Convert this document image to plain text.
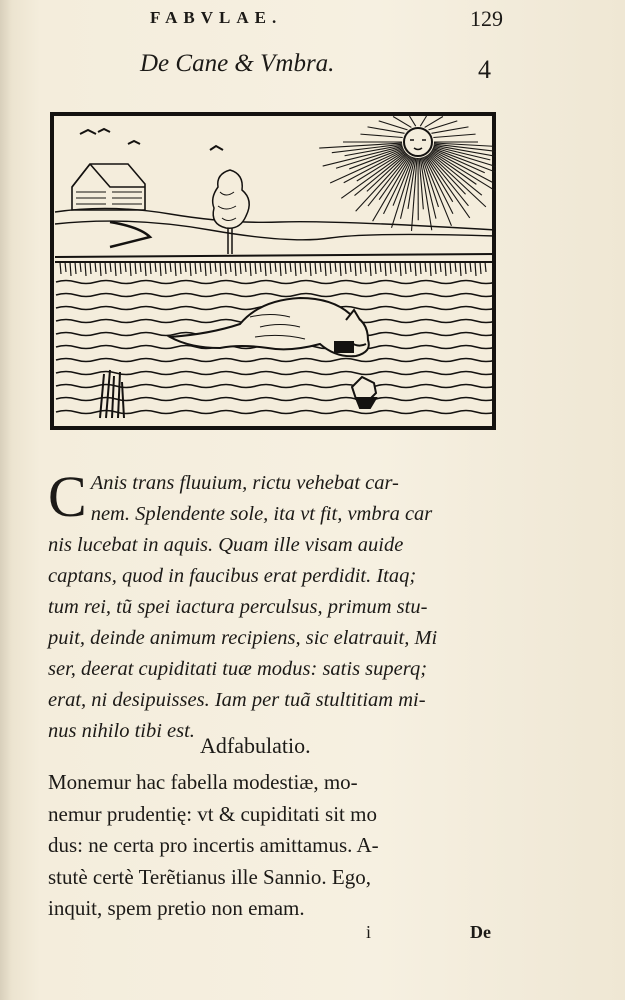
FABVLAE.	129
De Cane & Vmbra.	4
C Anis trans fluuium, rictu vehebat car-
nem. Splendente sole, ita vt fit, vmbra car
nis lucebat in aquis. Quam ille visam auide
captans, quod in faucibus erat perdidit. Itaq;
tum rei, tũ spei iactura perculsus, primum stu-
puit, deinde animum recipiens, sic elatrauit, Mi
ser, deerat cupiditati tuæ modus: satis superq;
erat, ni desipuisses. Iam per tuã stultitiam mi-
nus nihilo tibi est.
Adfabulatio.
Monemur hac fabella modestiæ, mo-
nemur prudentię: vt & cupiditati sit mo
dus: ne certa pro incertis amittamus. A-
stutè certè Terẽtianus ille Sannio. Ego,
inquit, spem pretio non emam.
i	De
